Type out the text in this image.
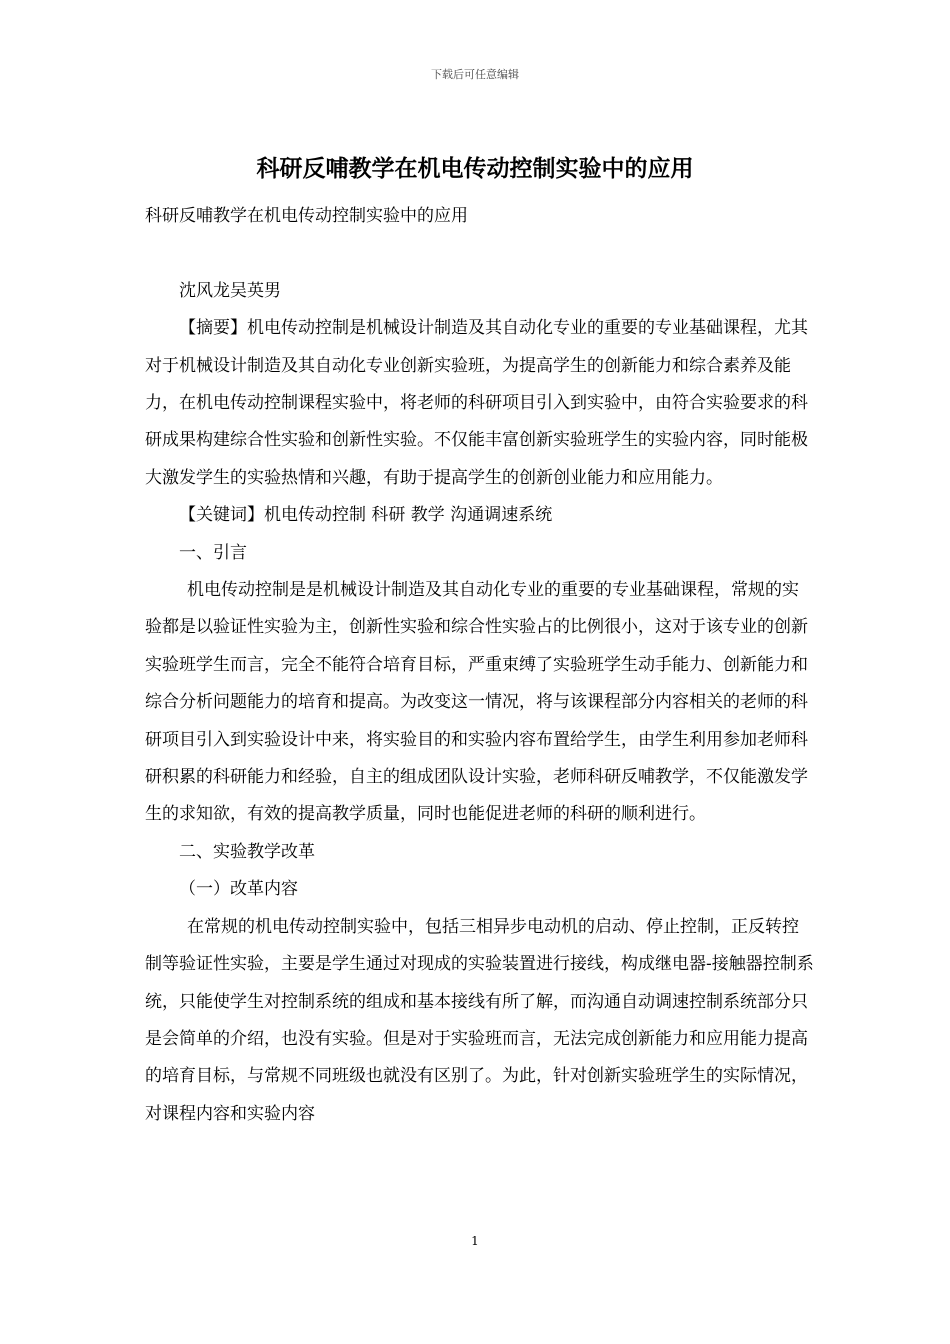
下载后可任意编辑
科研反哺教学在机电传动控制实验中的应用

科研反哺教学在机电传动控制实验中的应用

沈风龙吴英男

【摘要】机电传动控制是机械设计制造及其自动化专业的重要的专业基础课程，尤其对于机械设计制造及其自动化专业创新实验班，为提高学生的创新能力和综合素养及能力，在机电传动控制课程实验中，将老师的科研项目引入到实验中，由符合实验要求的科研成果构建综合性实验和创新性实验。不仅能丰富创新实验班学生的实验内容，同时能极大激发学生的实验热情和兴趣，有助于提高学生的创新创业能力和应用能力。

【关键词】机电传动控制 科研 教学 沟通调速系统

一、引言

机电传动控制是是机械设计制造及其自动化专业的重要的专业基础课程，常规的实验都是以验证性实验为主，创新性实验和综合性实验占的比例很小，这对于该专业的创新实验班学生而言，完全不能符合培育目标，严重束缚了实验班学生动手能力、创新能力和综合分析问题能力的培育和提高。为改变这一情况，将与该课程部分内容相关的老师的科研项目引入到实验设计中来，将实验目的和实验内容布置给学生，由学生利用参加老师科研积累的科研能力和经验，自主的组成团队设计实验，老师科研反哺教学，不仅能激发学生的求知欲，有效的提高教学质量，同时也能促进老师的科研的顺利进行。

二、实验教学改革

（一）改革内容

在常规的机电传动控制实验中，包括三相异步电动机的启动、停止控制，正反转控制等验证性实验，主要是学生通过对现成的实验装置进行接线，构成继电器-接触器控制系统，只能使学生对控制系统的组成和基本接线有所了解，而沟通自动调速控制系统部分只是会简单的介绍，也没有实验。但是对于实验班而言，无法完成创新能力和应用能力提高的培育目标，与常规不同班级也就没有区别了。为此，针对创新实验班学生的实际情况，对课程内容和实验内容

1
